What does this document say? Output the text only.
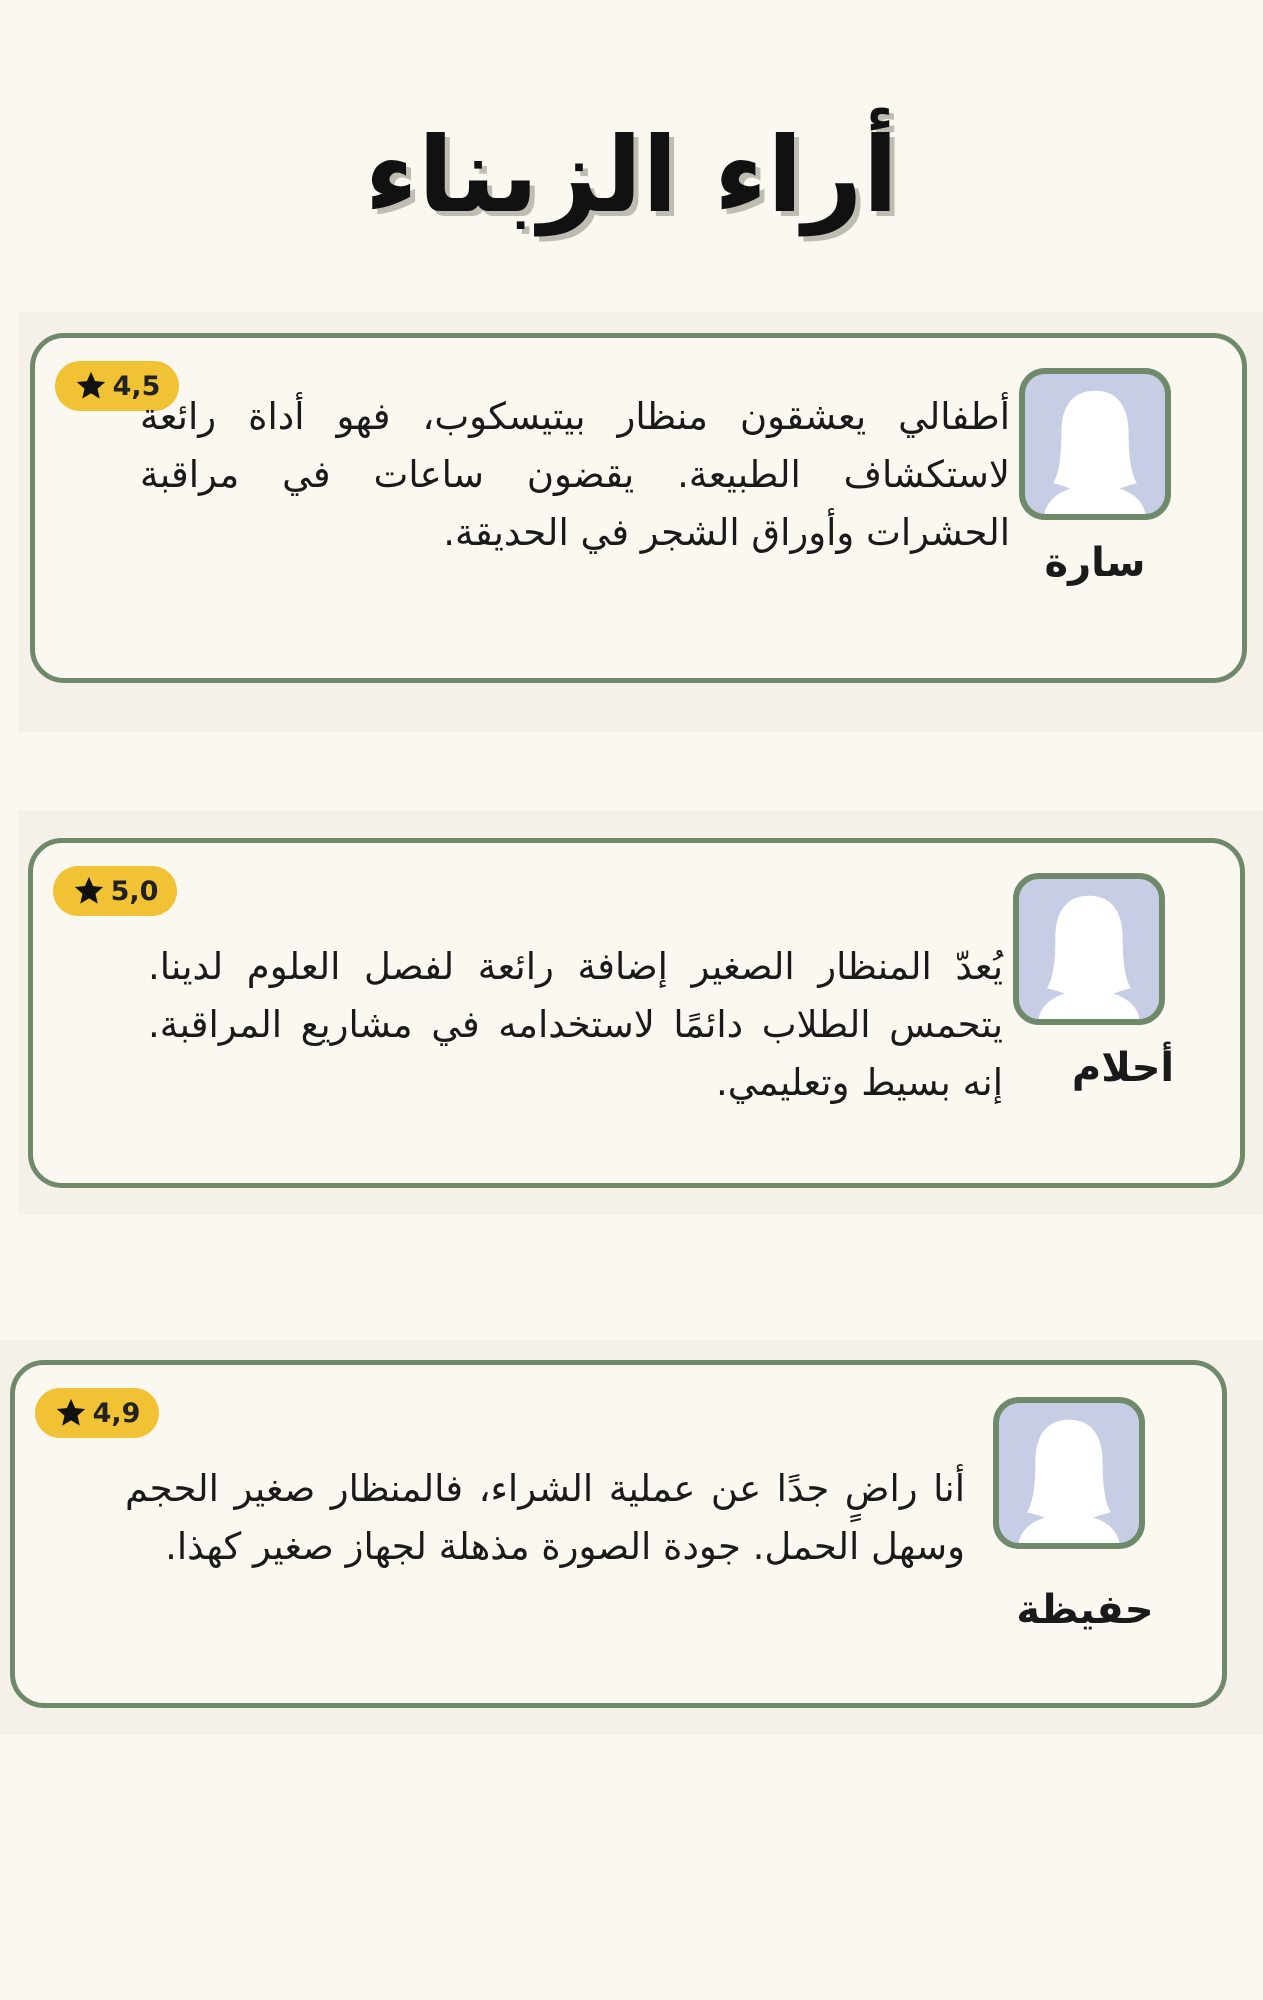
أراء الزبناء
4,5

أطفالي يعشقون منظار بيتيسكوب، فهو أداة رائعة لاستكشاف الطبيعة. يقضون ساعات في مراقبة الحشرات وأوراق الشجر في الحديقة.

سارة
5,0

يُعدّ المنظار الصغير إضافة رائعة لفصل العلوم لدينا. يتحمس الطلاب دائمًا لاستخدامه في مشاريع المراقبة. إنه بسيط وتعليمي.	أحلام
4,9

أنا راضٍ جدًا عن عملية الشراء، فالمنظار صغير الحجم وسهل الحمل. جودة الصورة مذهلة لجهاز صغير كهذا.

حفيظة
